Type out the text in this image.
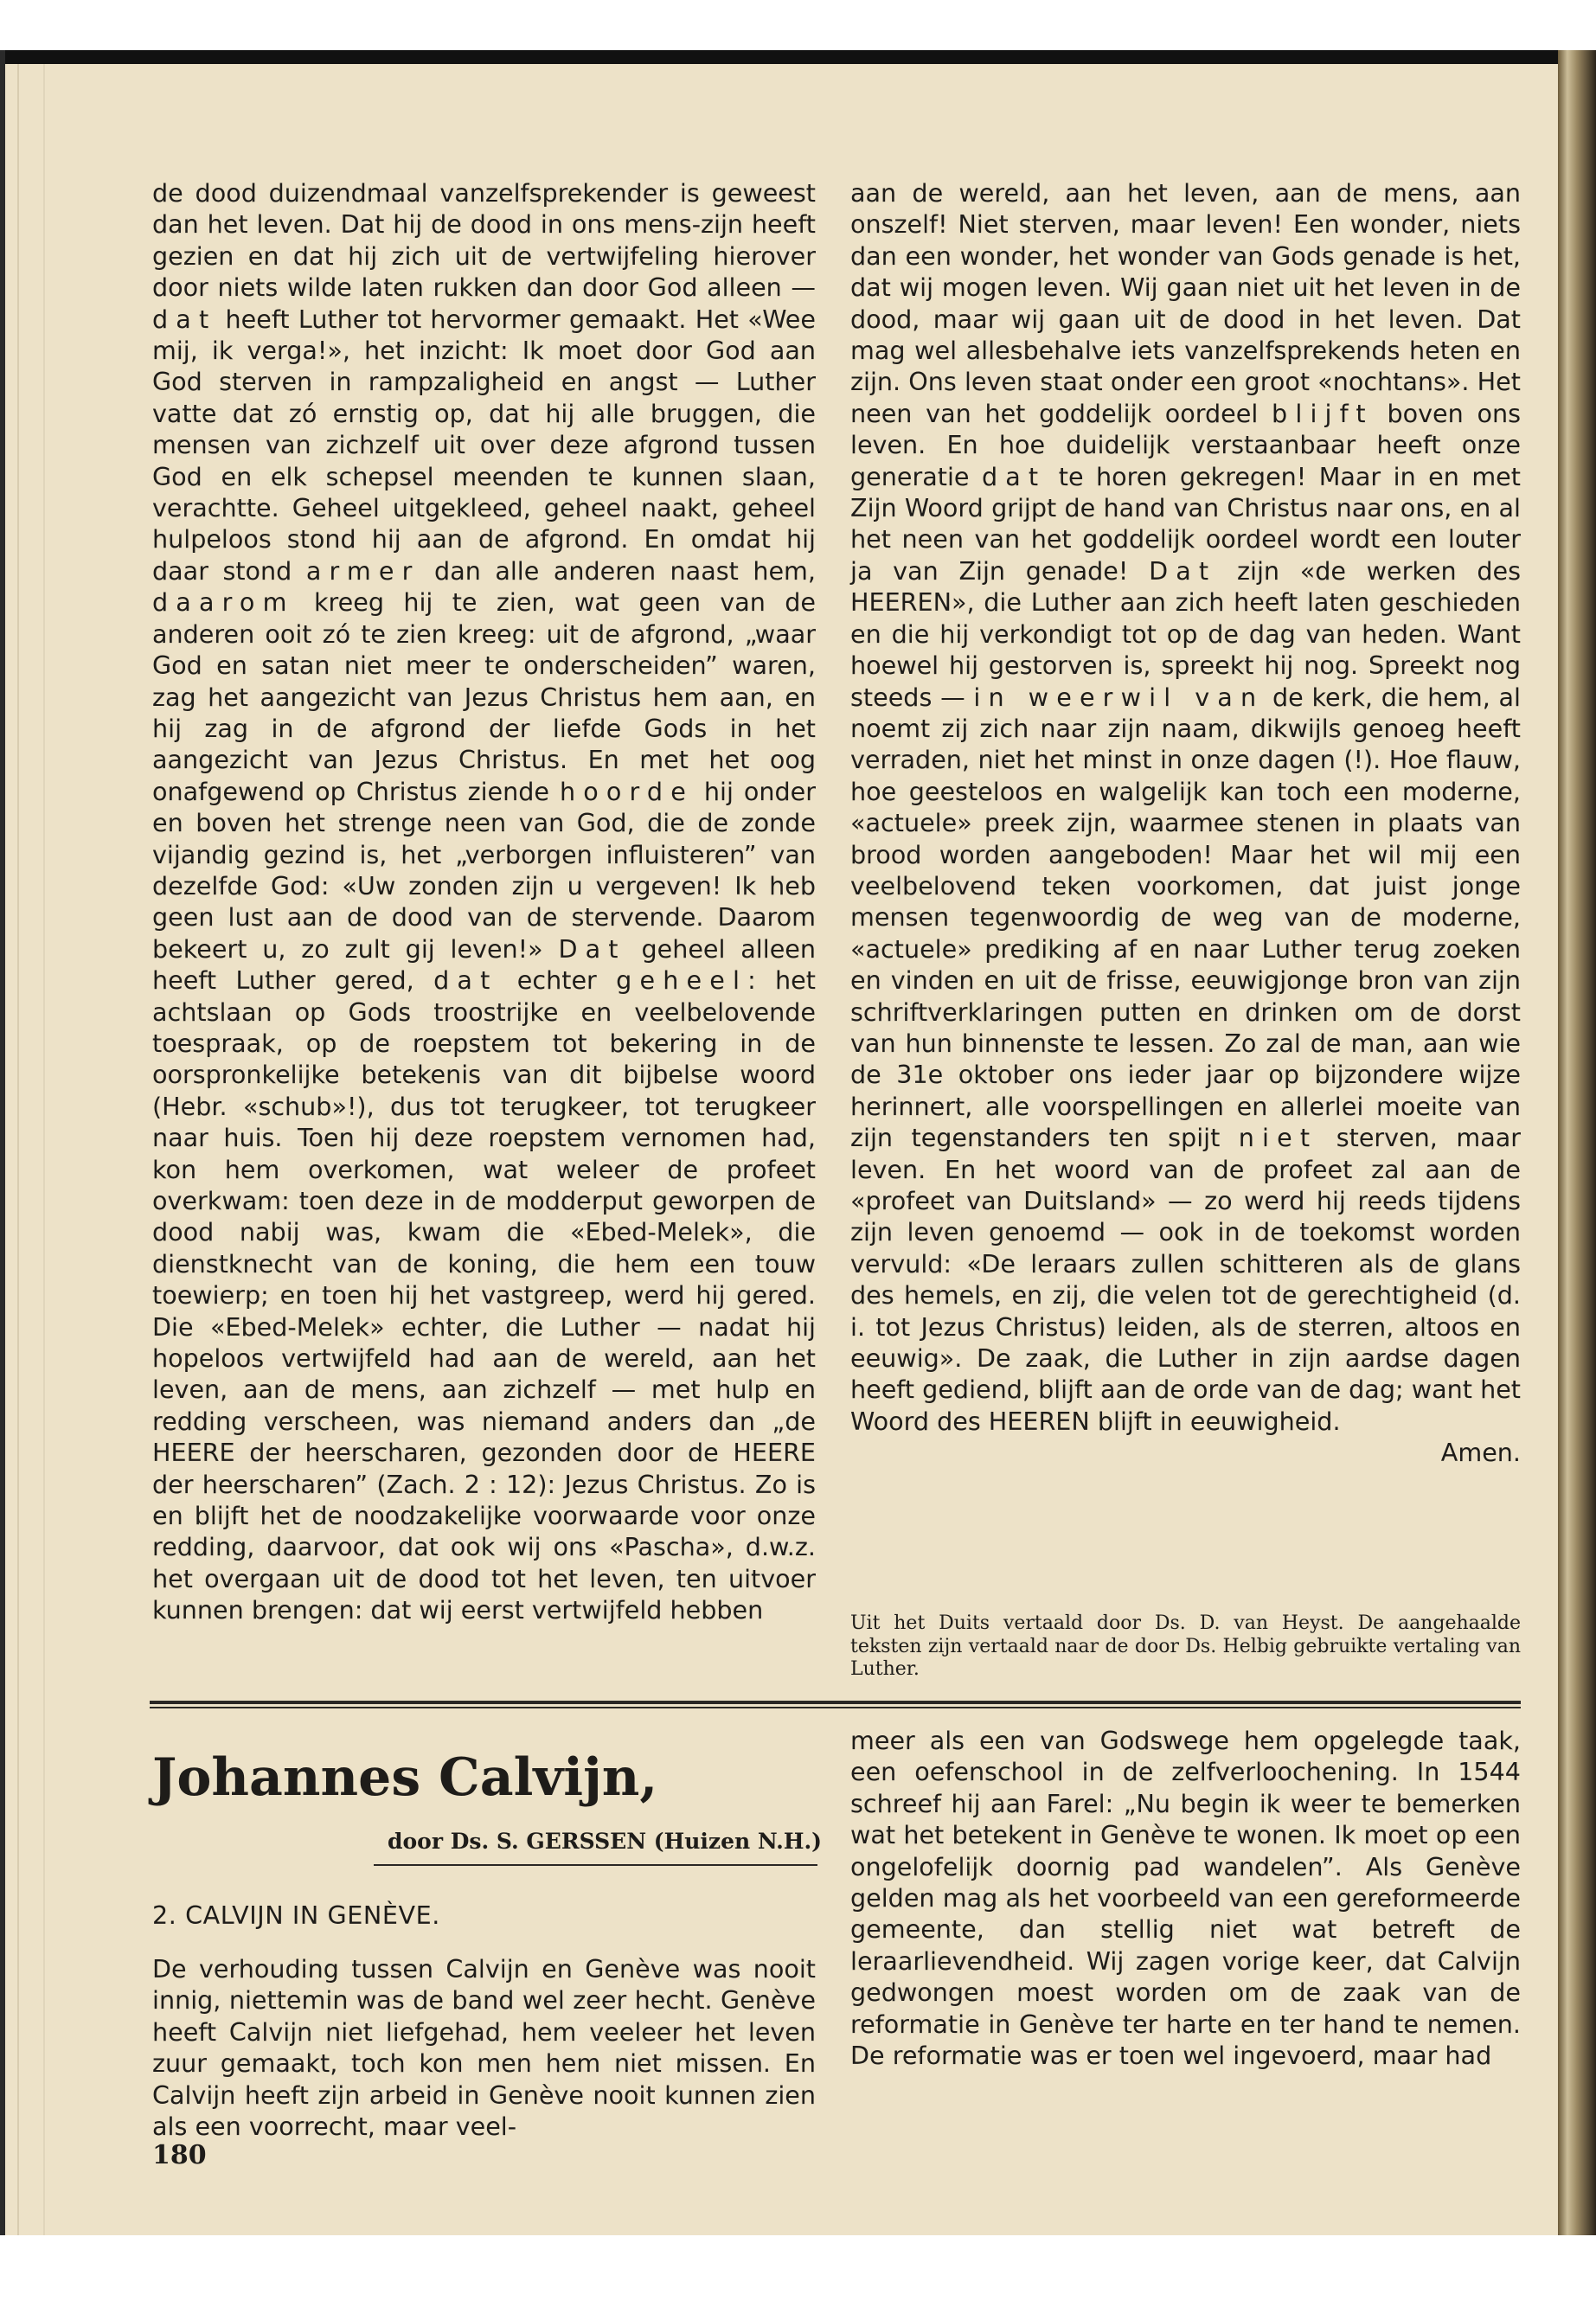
de dood duizendmaal vanzelfsprekender is geweest dan het leven. Dat hij de dood in ons mens-zijn heeft gezien en dat hij zich uit de vertwijfeling hierover door niets wilde laten rukken dan door God alleen — dat heeft Luther tot hervormer gemaakt. Het «Wee mij, ik verga!», het inzicht: Ik moet door God aan God sterven in rampzaligheid en angst — Luther vatte dat zó ernstig op, dat hij alle bruggen, die mensen van zichzelf uit over deze afgrond tussen God en elk schepsel meenden te kunnen slaan, verachtte. Geheel uitgekleed, geheel naakt, geheel hulpeloos stond hij aan de afgrond. En omdat hij daar stond armer dan alle anderen naast hem, daarom kreeg hij te zien, wat geen van de anderen ooit zó te zien kreeg: uit de afgrond, „waar God en satan niet meer te onderscheiden” waren, zag het aangezicht van Jezus Christus hem aan, en hij zag in de afgrond der liefde Gods in het aangezicht van Jezus Christus. En met het oog onafgewend op Christus ziende hoorde hij onder en boven het strenge neen van God, die de zonde vijandig gezind is, het „verborgen influisteren” van dezelfde God: «Uw zonden zijn u vergeven! Ik heb geen lust aan de dood van de stervende. Daarom bekeert u, zo zult gij leven!» Dat geheel alleen heeft Luther gered, dat echter geheel: het achtslaan op Gods troostrijke en veelbelovende toespraak, op de roepstem tot bekering in de oorspronkelijke betekenis van dit bijbelse woord (Hebr. «schub»!), dus tot terugkeer, tot terugkeer naar huis. Toen hij deze roepstem vernomen had, kon hem overkomen, wat weleer de profeet overkwam: toen deze in de modderput geworpen de dood nabij was, kwam die «Ebed-Melek», die dienstknecht van de koning, die hem een touw toewierp; en toen hij het vastgreep, werd hij gered. Die «Ebed-Melek» echter, die Luther — nadat hij hopeloos vertwijfeld had aan de wereld, aan het leven, aan de mens, aan zichzelf — met hulp en redding verscheen, was niemand anders dan „de HEERE der heerscharen, gezonden door de HEERE der heerscharen” (Zach. 2 : 12): Jezus Christus. Zo is en blijft het de noodzakelijke voorwaarde voor onze redding, daarvoor, dat ook wij ons «Pascha», d.w.z. het overgaan uit de dood tot het leven, ten uitvoer kunnen brengen: dat wij eerst vertwijfeld hebben
aan de wereld, aan het leven, aan de mens, aan onszelf! Niet sterven, maar leven! Een wonder, niets dan een wonder, het wonder van Gods genade is het, dat wij mogen leven. Wij gaan niet uit het leven in de dood, maar wij gaan uit de dood in het leven. Dat mag wel allesbehalve iets vanzelfsprekends heten en zijn. Ons leven staat onder een groot «nochtans». Het neen van het goddelijk oordeel blijft boven ons leven. En hoe duidelijk verstaanbaar heeft onze generatie dat te horen gekregen! Maar in en met Zijn Woord grijpt de hand van Christus naar ons, en al het neen van het goddelijk oordeel wordt een louter ja van Zijn genade! Dat zijn «de werken des HEEREN», die Luther aan zich heeft laten geschieden en die hij verkondigt tot op de dag van heden. Want hoewel hij gestorven is, spreekt hij nog. Spreekt nog steeds — in weerwil van de kerk, die hem, al noemt zij zich naar zijn naam, dikwijls genoeg heeft verraden, niet het minst in onze dagen (!). Hoe flauw, hoe geesteloos en walgelijk kan toch een moderne, «actuele» preek zijn, waarmee stenen in plaats van brood worden aangeboden! Maar het wil mij een veelbelovend teken voorkomen, dat juist jonge mensen tegenwoordig de weg van de moderne, «actuele» prediking af en naar Luther terug zoeken en vinden en uit de frisse, eeuwigjonge bron van zijn schriftverklaringen putten en drinken om de dorst van hun binnenste te lessen. Zo zal de man, aan wie de 31e oktober ons ieder jaar op bijzondere wijze herinnert, alle voorspellingen en allerlei moeite van zijn tegenstanders ten spijt niet sterven, maar leven. En het woord van de profeet zal aan de «profeet van Duitsland» — zo werd hij reeds tijdens zijn leven genoemd — ook in de toekomst worden vervuld: «De leraars zullen schitteren als de glans des hemels, en zij, die velen tot de gerechtigheid (d. i. tot Jezus Christus) leiden, als de sterren, altoos en eeuwig». De zaak, die Luther in zijn aardse dagen heeft gediend, blijft aan de orde van de dag; want het Woord des HEEREN blijft in eeuwigheid.

Amen.

Uit het Duits vertaald door Ds. D. van Heyst. De aangehaalde teksten zijn vertaald naar de door Ds. Helbig gebruikte vertaling van Luther.
Johannes Calvijn,
door Ds. S. GERSSEN (Huizen N.H.)
2. CALVIJN IN GENÈVE.
De verhouding tussen Calvijn en Genève was nooit innig, niettemin was de band wel zeer hecht. Genève heeft Calvijn niet liefgehad, hem veeleer het leven zuur gemaakt, toch kon men hem niet missen. En Calvijn heeft zijn arbeid in Genève nooit kunnen zien als een voorrecht, maar veel-
meer als een van Godswege hem opgelegde taak, een oefenschool in de zelfverloochening. In 1544 schreef hij aan Farel: „Nu begin ik weer te bemerken wat het betekent in Genève te wonen. Ik moet op een ongelofelijk doornig pad wandelen”. Als Genève gelden mag als het voorbeeld van een gereformeerde gemeente, dan stellig niet wat betreft de leraarlievendheid. Wij zagen vorige keer, dat Calvijn gedwongen moest worden om de zaak van de reformatie in Genève ter harte en ter hand te nemen. De reformatie was er toen wel ingevoerd, maar had
180
